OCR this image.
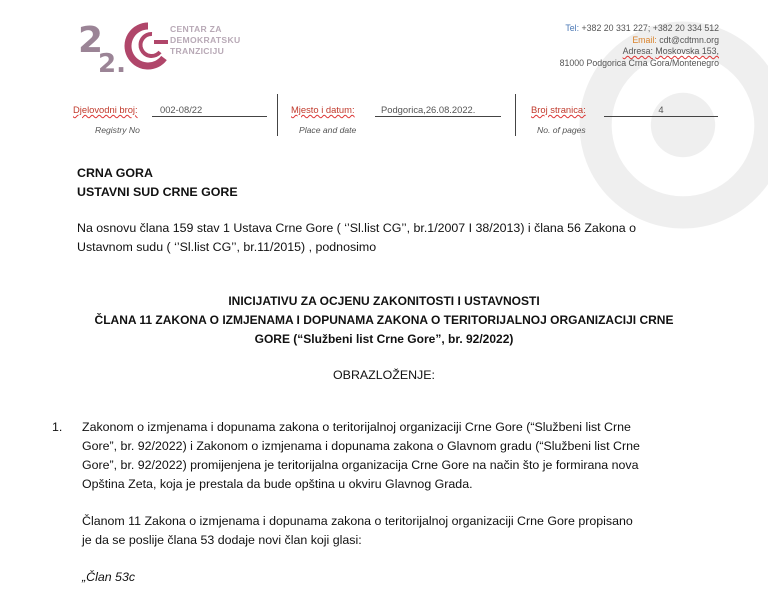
2
2.
CENTAR ZA
DEMOKRATSKU
TRANZICIJU
Tel: +382 20 331 227; +382 20 334 512
Email: cdt@cdtmn.org
Adresa: Moskovska 153,
81000 Podgorica Crna Gora/Montenegro
Djelovodni broj:	002-08/22
Registry No
Mjesto i datum:	Podgorica,26.08.2022.
Place and date
Broj stranica:	4
No. of pages
CRNA GORA
USTAVNI SUD CRNE GORE
Na osnovu člana 159 stav 1 Ustava Crne Gore ( ‘’Sl.list CG’’, br.1/2007 I 38/2013) i člana 56 Zakona o
Ustavnom sudu ( ‘’Sl.list CG’’, br.11/2015) , podnosimo
INICIJATIVU ZA OCJENU ZAKONITOSTI I USTAVNOSTI
ČLANA 11 ZAKONA O IZMJENAMA I DOPUNAMA ZAKONA O TERITORIJALNOJ ORGANIZACIJI CRNE
GORE (“Službeni list Crne Gore”, br. 92/2022)
OBRAZLOŽENJE:
1. Zakonom o izmjenama i dopunama zakona o teritorijalnoj organizaciji Crne Gore (“Službeni list Crne
Gore”, br. 92/2022) i Zakonom o izmjenama i dopunama zakona o Glavnom gradu (“Službeni list Crne
Gore”, br. 92/2022) promijenjena je teritorijalna organizacija Crne Gore na način što je formirana nova
Opština Zeta, koja je prestala da bude opština u okviru Glavnog Grada.
Članom 11 Zakona o izmjenama i dopunama zakona o teritorijalnoj organizaciji Crne Gore propisano
je da se poslije člana 53 dodaje novi član koji glasi:
„Član 53c
